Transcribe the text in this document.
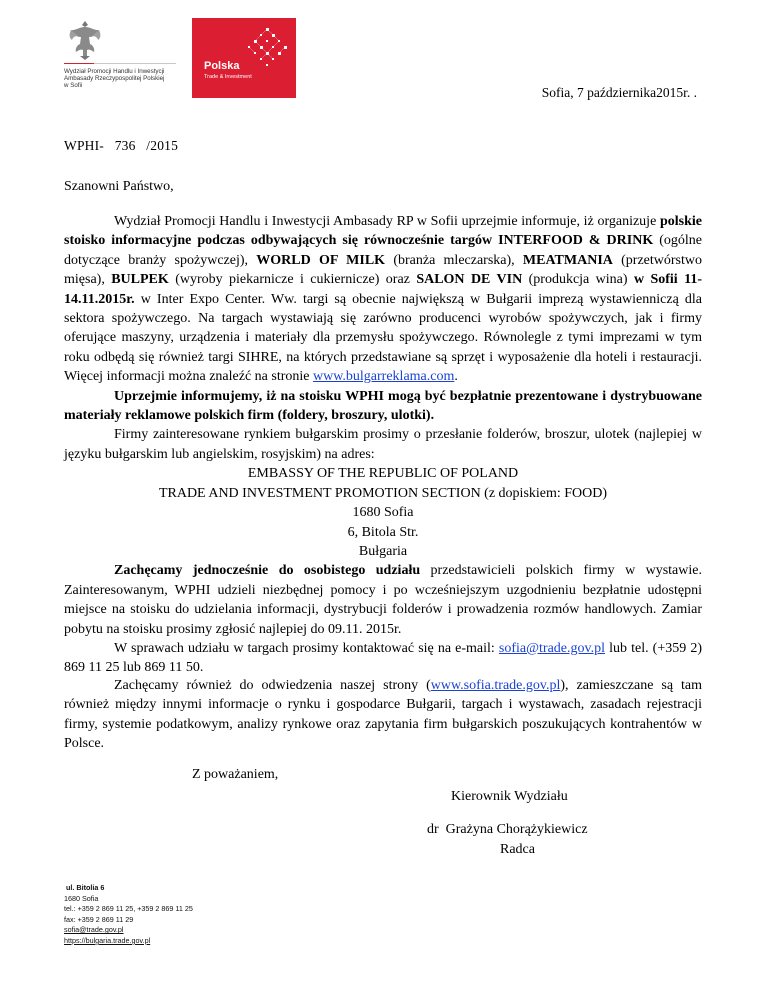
Wydział Promocji Handlu i Inwestycji
Ambasady Rzeczypospolitej Polskiej
w Sofii
Polska
Trade & Investment
Sofia, 7 października2015r. .
WPHI-   736   /2015
Szanowni Państwo,

Wydział Promocji Handlu i Inwestycji Ambasady RP w Sofii uprzejmie informuje, iż organizuje polskie stoisko informacyjne podczas odbywających się równocześnie targów INTERFOOD & DRINK (ogólne dotyczące branży spożywczej), WORLD OF MILK (branża mleczarska), MEATMANIA (przetwórstwo mięsa), BULPEK (wyroby piekarnicze i cukiernicze) oraz SALON DE VIN (produkcja wina) w Sofii 11-14.11.2015r. w Inter Expo Center. Ww. targi są obecnie największą w Bułgarii imprezą wystawienniczą dla sektora spożywczego. Na targach wystawiają się zarówno producenci wyrobów spożywczych, jak i firmy oferujące maszyny, urządzenia i materiały dla przemysłu spożywczego. Równolegle z tymi imprezami w tym roku odbędą się również targi SIHRE, na których przedstawiane są sprzęt i wyposażenie dla hoteli i restauracji. Więcej informacji można znaleźć na stronie www.bulgarreklama.com.

Uprzejmie informujemy, iż na stoisku WPHI mogą być bezpłatnie prezentowane i dystrybuowane materiały reklamowe polskich firm (foldery, broszury, ulotki).

Firmy zainteresowane rynkiem bułgarskim prosimy o przesłanie folderów, broszur, ulotek (najlepiej w języku bułgarskim lub angielskim, rosyjskim) na adres:

EMBASSY OF THE REPUBLIC OF POLAND
TRADE AND INVESTMENT PROMOTION SECTION (z dopiskiem: FOOD)
1680 Sofia
6, Bitola Str.
Bułgaria

Zachęcamy jednocześnie do osobistego udziału przedstawicieli polskich firmy w wystawie. Zainteresowanym, WPHI udzieli niezbędnej pomocy i po wcześniejszym uzgodnieniu bezpłatnie udostępni miejsce na stoisku do udzielania informacji, dystrybucji folderów i prowadzenia rozmów handlowych. Zamiar pobytu na stoisku prosimy zgłosić najlepiej do 09.11. 2015r.

W sprawach udziału w targach prosimy kontaktować się na e-mail: sofia@trade.gov.pl lub tel. (+359 2) 869 11 25 lub 869 11 50.

Zachęcamy również do odwiedzenia naszej strony (www.sofia.trade.gov.pl), zamieszczane są tam również między innymi informacje o rynku i gospodarce Bułgarii, targach i wystawach, zasadach rejestracji firmy, systemie podatkowym, analizy rynkowe oraz zapytania firm bułgarskich poszukujących kontrahentów w Polsce.

Z poważaniem,
Kierownik Wydziału
dr  Grażyna Chorążykiewicz
Radca
ul. Bitolia 6
1680 Sofia
tel.: +359 2 869 11 25, +359 2 869 11 25
fax: +359 2 869 11 29
sofia@trade.gov.pl
https://bulgaria.trade.gov.pl
